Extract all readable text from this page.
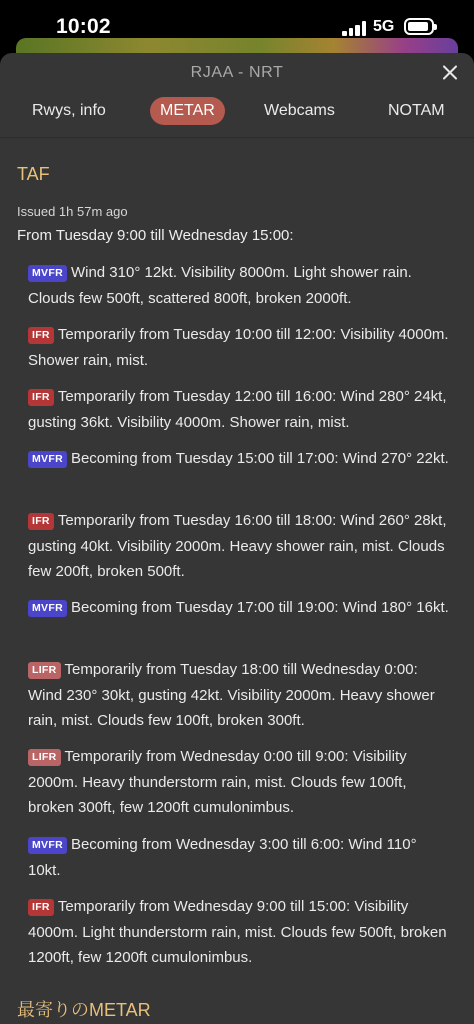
10:02	5G
RJAA - NRT
Rwys, info	METAR	Webcams	NOTAM
TAF
Issued 1h 57m ago
From Tuesday 9:00 till Wednesday 15:00:
MVFR Wind 310° 12kt. Visibility 8000m. Light shower rain. Clouds few 500ft, scattered 800ft, broken 2000ft.
IFR Temporarily from Tuesday 10:00 till 12:00: Visibility 4000m. Shower rain, mist.
IFR Temporarily from Tuesday 12:00 till 16:00: Wind 280° 24kt, gusting 36kt. Visibility 4000m. Shower rain, mist.
MVFR Becoming from Tuesday 15:00 till 17:00: Wind 270° 22kt.
IFR Temporarily from Tuesday 16:00 till 18:00: Wind 260° 28kt, gusting 40kt. Visibility 2000m. Heavy shower rain, mist. Clouds few 200ft, broken 500ft.
MVFR Becoming from Tuesday 17:00 till 19:00: Wind 180° 16kt.
LIFR Temporarily from Tuesday 18:00 till Wednesday 0:00: Wind 230° 30kt, gusting 42kt. Visibility 2000m. Heavy shower rain, mist. Clouds few 100ft, broken 300ft.
LIFR Temporarily from Wednesday 0:00 till 9:00: Visibility 2000m. Heavy thunderstorm rain, mist. Clouds few 100ft, broken 300ft, few 1200ft cumulonimbus.
MVFR Becoming from Wednesday 3:00 till 6:00: Wind 110° 10kt.
IFR Temporarily from Wednesday 9:00 till 15:00: Visibility 4000m. Light thunderstorm rain, mist. Clouds few 500ft, broken 1200ft, few 1200ft cumulonimbus.
最寄りのMETAR
